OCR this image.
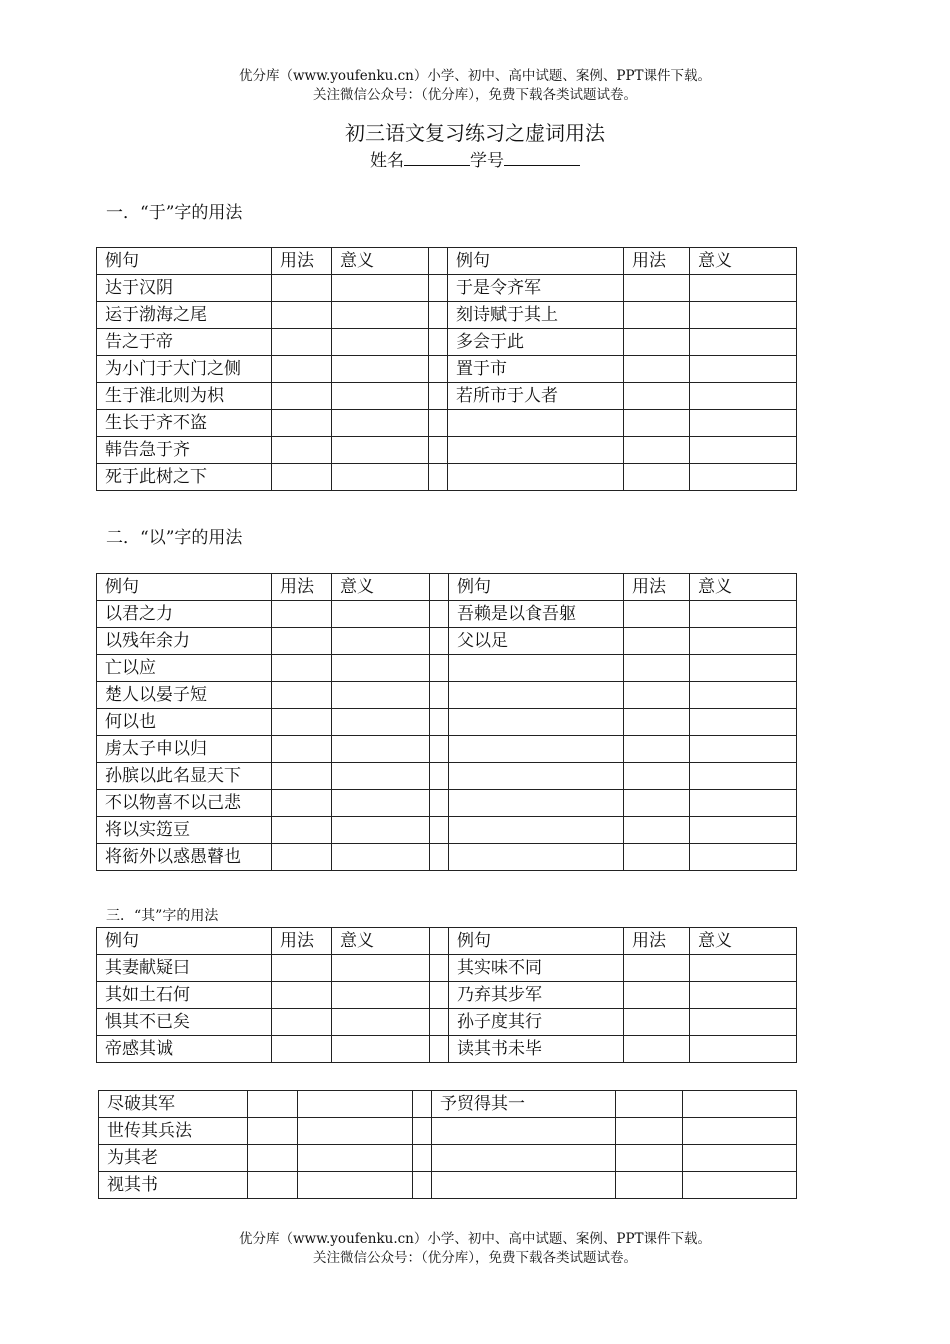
优分库（www.youfenku.cn）小学、初中、高中试题、案例、PPT课件下载。
关注微信公众号：（优分库），免费下载各类试题试卷。
初三语文复习练习之虚词用法
姓名	学号
一．“于”字的用法
例句	用法	意义		例句	用法	意义
达于汉阴				于是令齐军		
运于渤海之尾				刻诗赋于其上		
告之于帝				多会于此		
为小门于大门之侧				置于市		
生于淮北则为枳				若所市于人者		
生长于齐不盗						
韩告急于齐						
死于此树之下						
二．“以”字的用法
例句	用法	意义		例句	用法	意义
以君之力				吾赖是以食吾躯		
以残年余力				父以足		
亡以应						
楚人以晏子短						
何以也						
虏太子申以归						
孙膑以此名显天下						
不以物喜不以己悲						
将以实笾豆						
将衒外以惑愚瞽也						
三．“其”字的用法
例句	用法	意义		例句	用法	意义
其妻献疑曰				其实味不同		
其如土石何				乃弃其步军		
惧其不已矣				孙子度其行		
帝感其诚				读其书未毕		
尽破其军				予贸得其一		
世传其兵法						
为其老						
视其书						
优分库（www.youfenku.cn）小学、初中、高中试题、案例、PPT课件下载。
关注微信公众号：（优分库），免费下载各类试题试卷。
